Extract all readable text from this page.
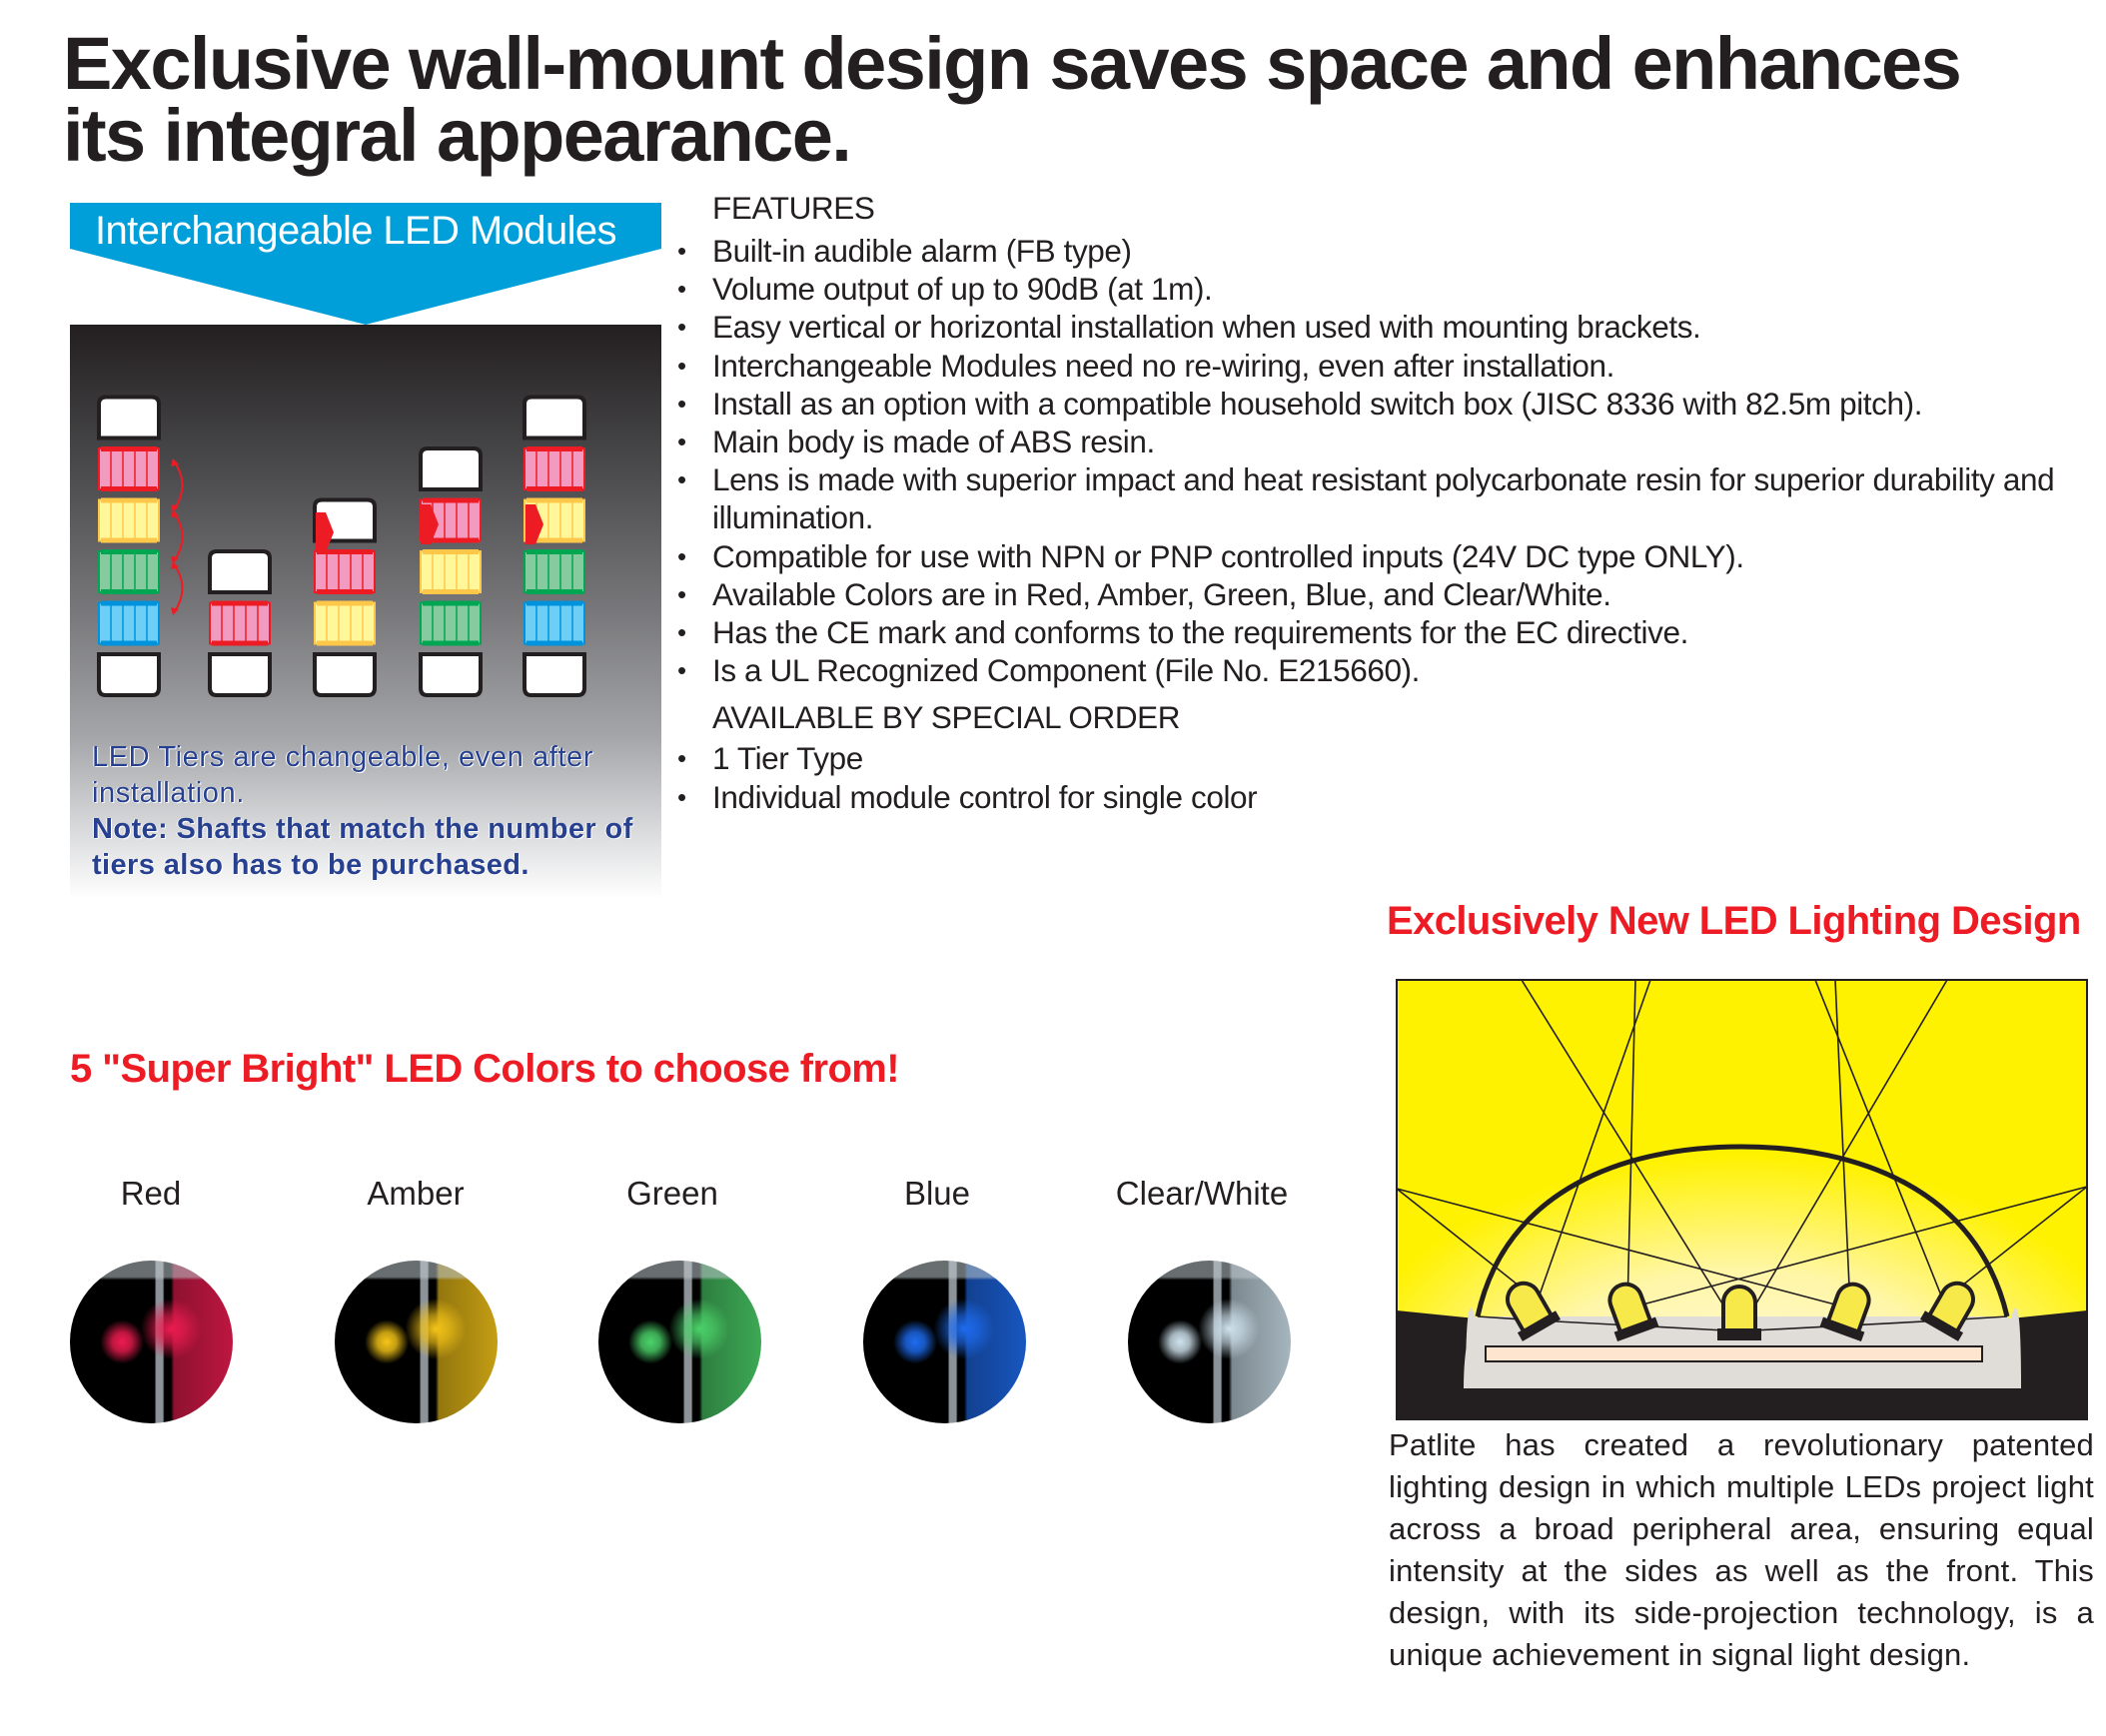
Exclusive wall-mount design saves space and enhances
its integral appearance.
Interchangeable LED Modules
LED Tiers are changeable, even after installation.
Note: Shafts that match the number of tiers also has to be purchased.
FEATURES
• Built-in audible alarm (FB type)
• Volume output of up to 90dB (at 1m).
• Easy vertical or horizontal installation when used with mounting brackets.
• Interchangeable Modules need no re-wiring, even after installation.
• Install as an option with a compatible household switch box (JISC 8336 with 82.5m pitch).
• Main body is made of ABS resin.
• Lens is made with superior impact and heat resistant polycarbonate resin for superior durability and illumination.
• Compatible for use with NPN or PNP controlled inputs (24V DC type ONLY).
• Available Colors are in Red, Amber, Green, Blue, and Clear/White.
• Has the CE mark and conforms to the requirements for the EC directive.
• Is a UL Recognized Component (File No. E215660).
AVAILABLE BY SPECIAL ORDER
• 1 Tier Type
• Individual module control for single color
Exclusively New LED Lighting Design
Patlite has created a revolutionary patented lighting design in which multiple LEDs project light across a broad peripheral area, ensuring equal intensity at the sides as well as the front. This design, with its side-projection technology, is a unique achievement in signal light design.
5 "Super Bright" LED Colors to choose from!
Red	Amber	Green	Blue	Clear/White
